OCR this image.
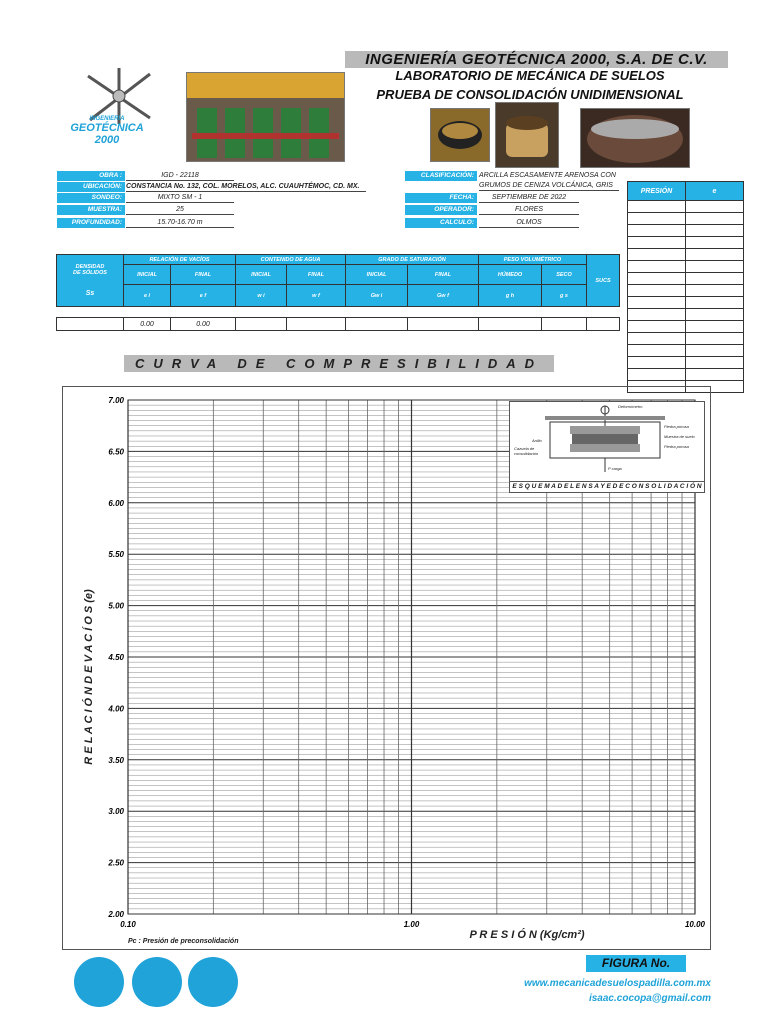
INGENIERÍA
GEOTÉCNICA
2000
INGENIERÍA GEOTÉCNICA 2000, S.A. DE C.V.
LABORATORIO DE MECÁNICA DE SUELOS
PRUEBA DE CONSOLIDACIÓN UNIDIMENSIONAL
OBRA :	IGD - 22118
UBICACIÓN: CONSTANCIA No. 132, COL. MORELOS, ALC. CUAUHTÉMOC, CD. MX.
SONDEO:	MIXTO SM - 1
MUESTRA:	25
PROFUNDIDAD:	15.70-16.70 m
CLASIFICACIÓN: ARCILLA ESCASAMENTE ARENOSA CON
GRUMOS DE CENIZA VOLCÁNICA, GRIS
FECHA:	SEPTIEMBRE DE 2022
OPERADOR:	FLORES
CALCULO:	OLMOS
DENSIDAD
DE SÓLIDOS
Ss	RELACIÓN DE VACÍOS		CONTENIDO DE AGUA		GRADO DE SATURACIÓN		PESO VOLUMÉTRICO		SUCS
	INICIAL	FINAL	INICIAL	FINAL	INICIAL	FINAL	HÚMEDO	SECO	
	e i	e f	w i	w f	Gw i	Gw f	g h	g s	
	0.00	0.00							
PRESIÓN	e

CURVA DE COMPRESIBILIDAD
2.00
2.50
3.00
3.50
4.00
4.50
5.00
5.50
6.00
6.50
7.00
0.10	1.00	10.00
P R E S I Ó N (Kg/cm²)
R E L A C I Ó N D E V A C Í O S (e)
Deformímetro
Piedra porosa
Muestra de suelo
Piedra porosa
Anillo
Cazuela de consolidación
P carga
E S Q U E M A D E L E N S A Y E D E C O N S O L I D A C I Ó N
Pc : Presión de preconsolidación
FIGURA No.
www.mecanicadesuelospadilla.com.mx
isaac.cocopa@gmail.com
